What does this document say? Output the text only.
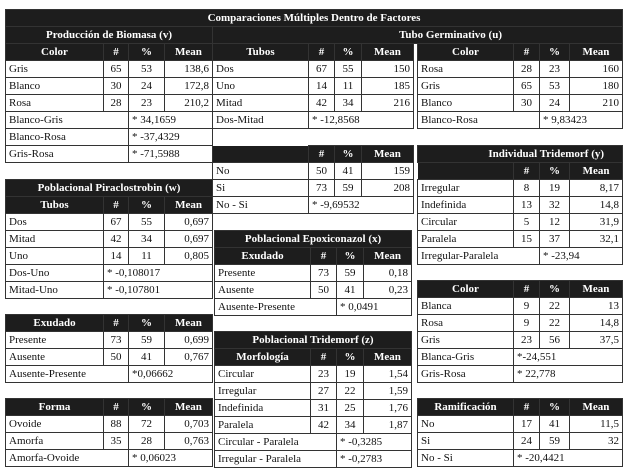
Comparaciones Múltiples Dentro de Factores
Producción de Biomasa (v)			
Color	#	%	Mean
Gris	65	53	138,6
Blanco	30	24	172,8
Rosa	28	23	210,2
Blanco-Gris		* 34,1659	
Blanco-Rosa		* -37,4329	
Gris-Rosa		* -71,5988	
Tubo Germinativo (u)
Tubos	#	%	Mean
Dos	67	55	150
Uno	14	11	185
Mitad	42	34	216
Dos-Mitad	* -12,8568		
Color	#	%	Mean
Rosa	28	23	160
Gris	65	53	180
Blanco	30	24	210
Blanco-Rosa		* 9,83423	
	#	%	Mean
No	50	41	159
Si	73	59	208
No - Si	* -9,69532		
Individual Tridemorf (y)			
	#	%	Mean
Irregular	8	19	8,17
Indefinida	13	32	14,8
Circular	5	12	31,9
Paralela	15	37	32,1
Irregular-Paralela		* -23,94	
Poblacional Piraclostrobin (w)			
Tubos	#	%	Mean
Dos	67	55	0,697
Mitad	42	34	0,697
Uno	14	11	0,805
Dos-Uno	* -0,108017		
Mitad-Uno	* -0,107801		
Poblacional Epoxiconazol (x)			
Exudado	#	%	Mean
Presente	73	59	0,18
Ausente	50	41	0,23
Ausente-Presente		* 0,0491	
Color	#	%	Mean
Blanca	9	22	13
Rosa	9	22	14,8
Gris	23	56	37,5
Blanca-Gris	*-24,551		
Gris-Rosa	* 22,778		
Exudado	#	%	Mean
Presente	73	59	0,699
Ausente	50	41	0,767
Ausente-Presente		*0,06662	
Poblacional Tridemorf (z)			
Morfología	#	%	Mean
Circular	23	19	1,54
Irregular	27	22	1,59
Indefinida	31	25	1,76
Paralela	42	34	1,87
Circular - Paralela		* -0,3285	
Irregular - Paralela		* -0,2783	
Ramificación	#	%	Mean
No	17	41	11,5
Si	24	59	32
No - Si	* -20,4421		
Forma	#	%	Mean
Ovoide	88	72	0,703
Amorfa	35	28	0,763
Amorfa-Ovoide		* 0,06023	
